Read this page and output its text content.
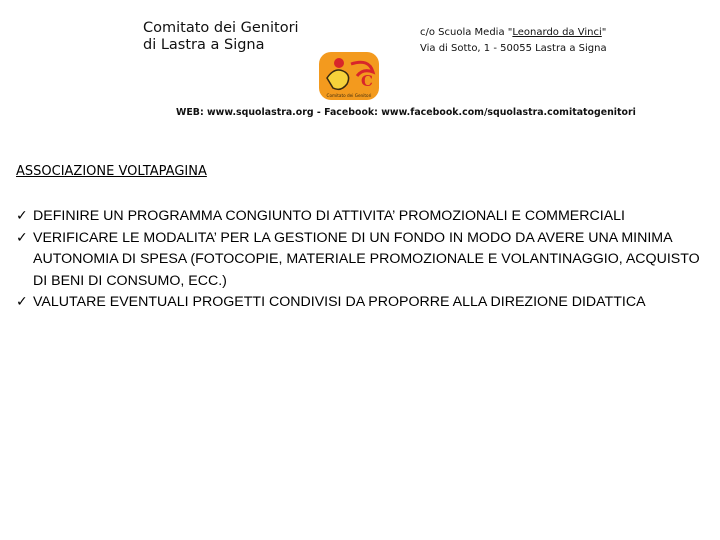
Comitato dei Genitori
di Lastra a Signa
c/o Scuola Media "Leonardo da Vinci"
Via di Sotto, 1 - 50055 Lastra a Signa
C
Comitato dei Genitori
WEB: www.squolastra.org - Facebook: www.facebook.com/squolastra.comitatogenitori
ASSOCIAZIONE VOLTAPAGINA
✓ DEFINIRE UN PROGRAMMA CONGIUNTO DI ATTIVITA’ PROMOZIONALI E COMMERCIALI
✓ VERIFICARE LE MODALITA’ PER LA GESTIONE DI UN FONDO IN MODO DA AVERE UNA MINIMA AUTONOMIA DI SPESA (FOTOCOPIE, MATERIALE PROMOZIONALE E VOLANTINAGGIO, ACQUISTO DI BENI DI CONSUMO, ECC.)
✓ VALUTARE EVENTUALI PROGETTI CONDIVISI DA PROPORRE ALLA DIREZIONE DIDATTICA
